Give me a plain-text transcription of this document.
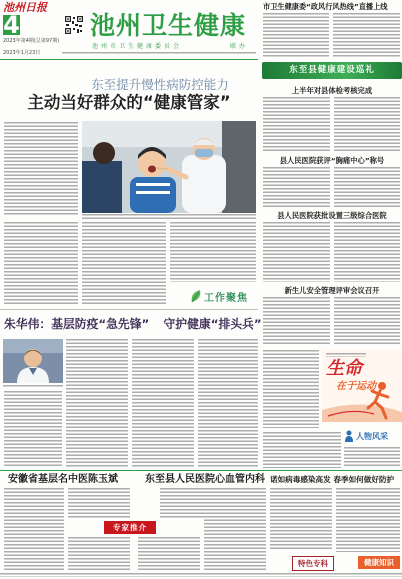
池州日报
4
2023年第4期(总第97期)
2023年1月23日
池州卫生健康
池州市卫生健康委员会	联办
市卫生健康委“政风行风热线”直播上线
东至县健康建设巡礼
上半年对县体检考核完成
县人民医院获评“胸痛中心”称号
县人民医院获批设置三级综合医院
新生儿安全管理评审会议召开
生命
在于运动
人物风采
东至提升慢性病防控能力
主动当好群众的“健康管家”
工作聚焦
朱华伟：基层防疫“急先锋” 守护健康“排头兵”
安徽省基层名中医陈玉斌
专家推介
东至县人民医院心血管内科 诺如病毒感染高发 春季如何做好防护
特色专科	健康知识
